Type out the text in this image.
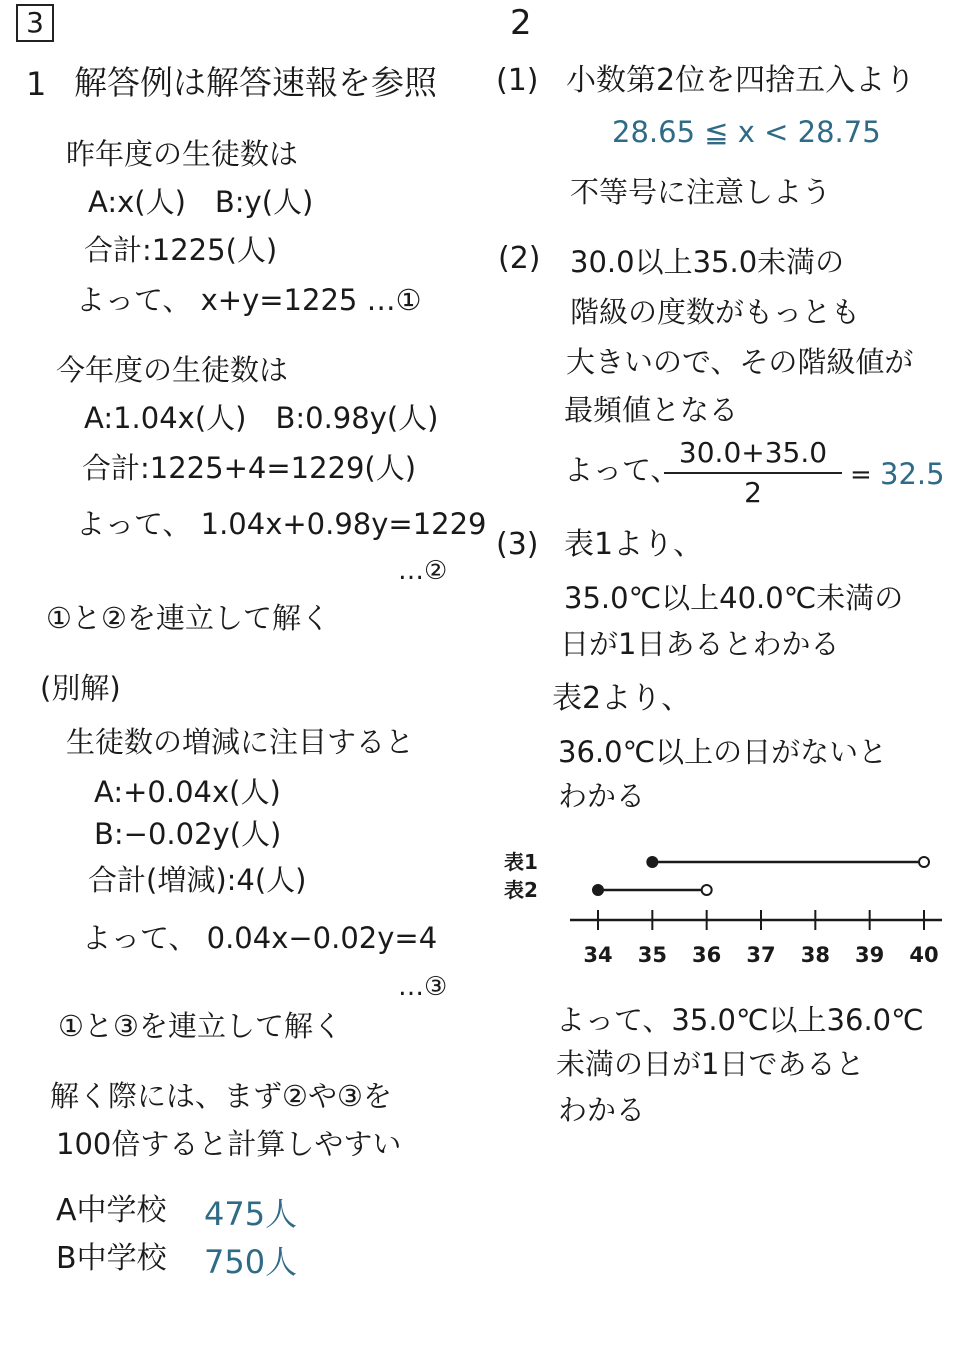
3	2
1 解答例は解答速報を参照
昨年度の生徒数は
A:x(人)　B:y(人)
合計:1225(人)
よって、 x+y=1225 …①
今年度の生徒数は
A:1.04x(人)　B:0.98y(人)
合計:1225+4=1229(人)
よって、 1.04x+0.98y=1229
…②
①と②を連立して解く
(別解)
生徒数の増減に注目すると
A:+0.04x(人)
B:−0.02y(人)
合計(増減):4(人)
よって、 0.04x−0.02y=4
…③
①と③を連立して解く
解く際には、まず②や③を
100倍すると計算しやすい
A中学校 475人
B中学校 750人
(1) 小数第2位を四捨五入より
28.65 ≦ x < 28.75
不等号に注意しよう
(2) 30.0以上35.0未満の
階級の度数がもっとも
大きいので、その階級値が
最頻値となる
よって、
30.0+35.0
2
= 32.5
(3) 表1より、
35.0℃以上40.0℃未満の
日が1日あるとわかる
表2より、
36.0℃以上の日がないと
わかる
34 35 36 37 38 39 40
表1
表2
よって、35.0℃以上36.0℃
未満の日が1日であると
わかる
